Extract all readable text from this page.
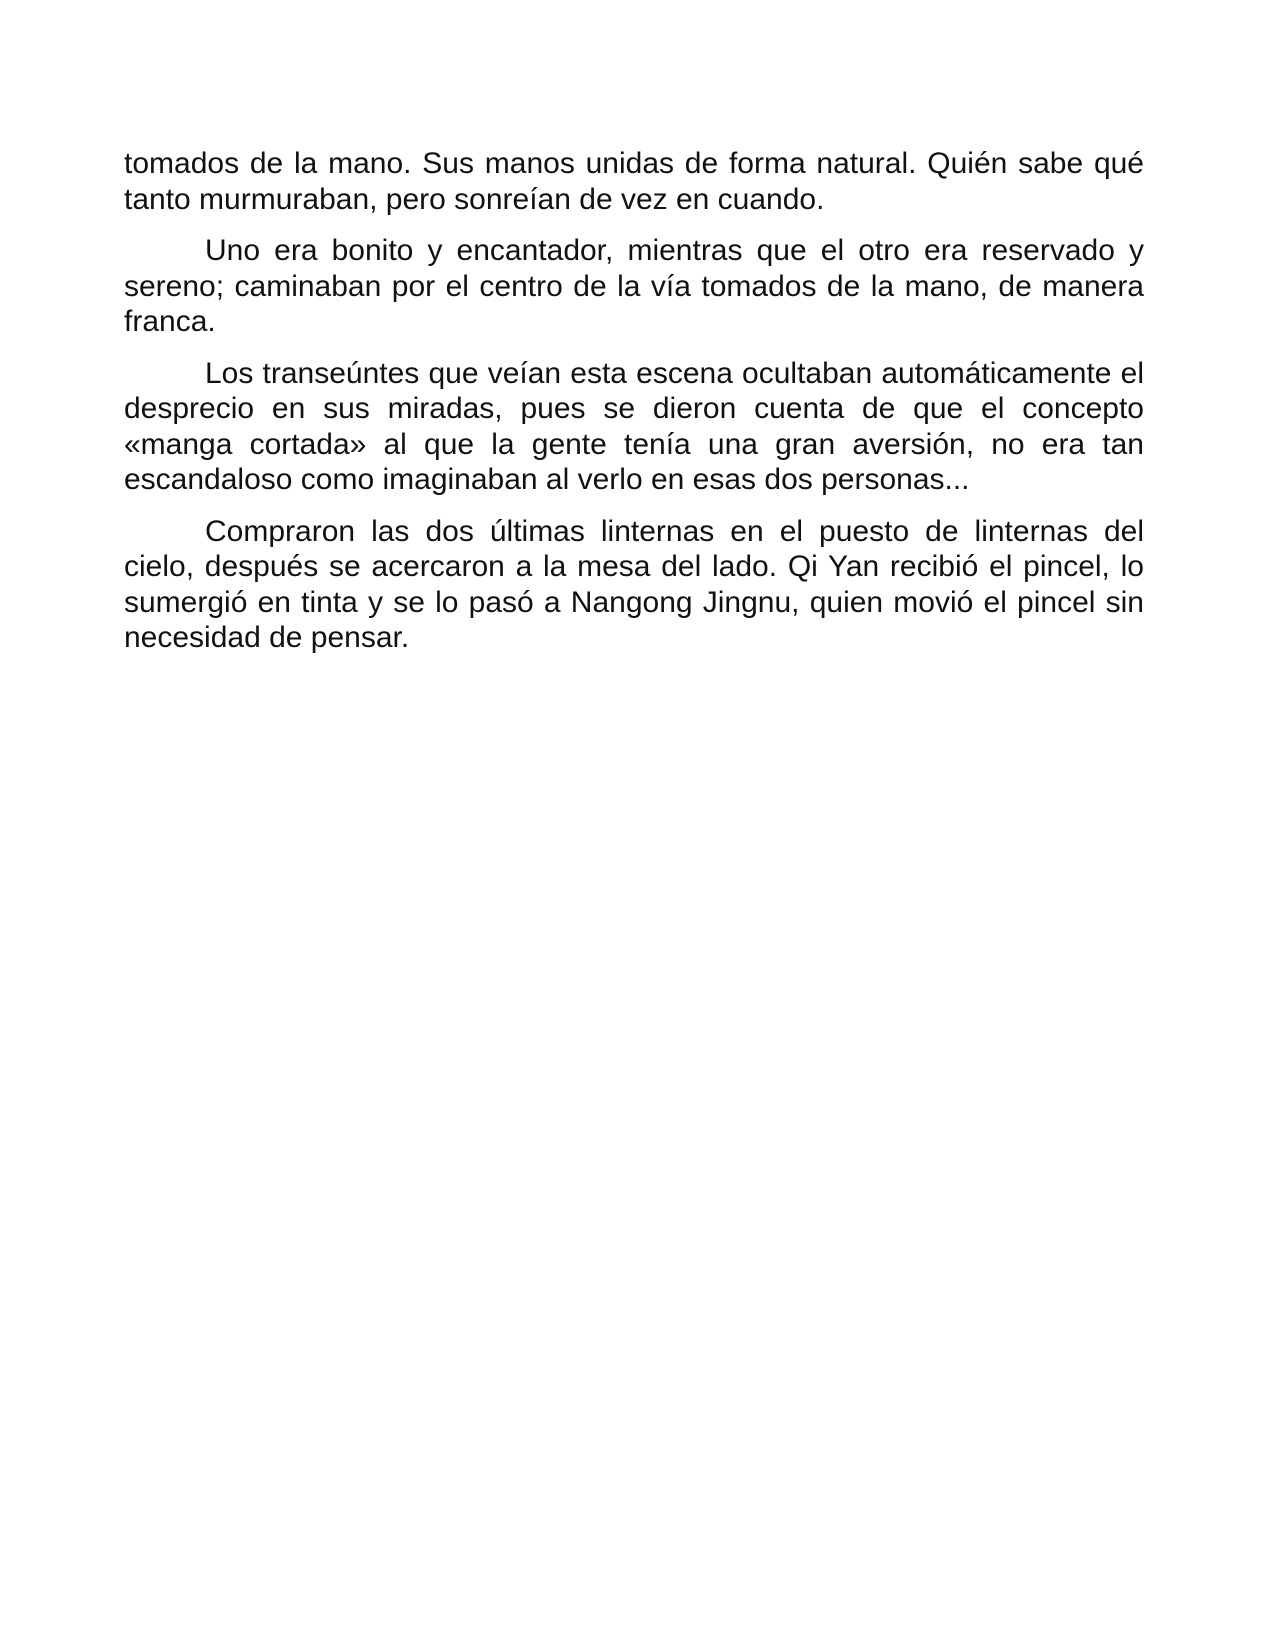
tomados de la mano. Sus manos unidas de forma natural. Quién sabe qué tanto murmuraban, pero sonreían de vez en cuando.

Uno era bonito y encantador, mientras que el otro era reservado y sereno; caminaban por el centro de la vía tomados de la mano, de manera franca.

Los transeúntes que veían esta escena ocultaban automáticamente el desprecio en sus miradas, pues se dieron cuenta de que el concepto «manga cortada» al que la gente tenía una gran aversión, no era tan escandaloso como imaginaban al verlo en esas dos personas...

Compraron las dos últimas linternas en el puesto de linternas del cielo, después se acercaron a la mesa del lado. Qi Yan recibió el pincel, lo sumergió en tinta y se lo pasó a Nangong Jingnu, quien movió el pincel sin necesidad de pensar.
